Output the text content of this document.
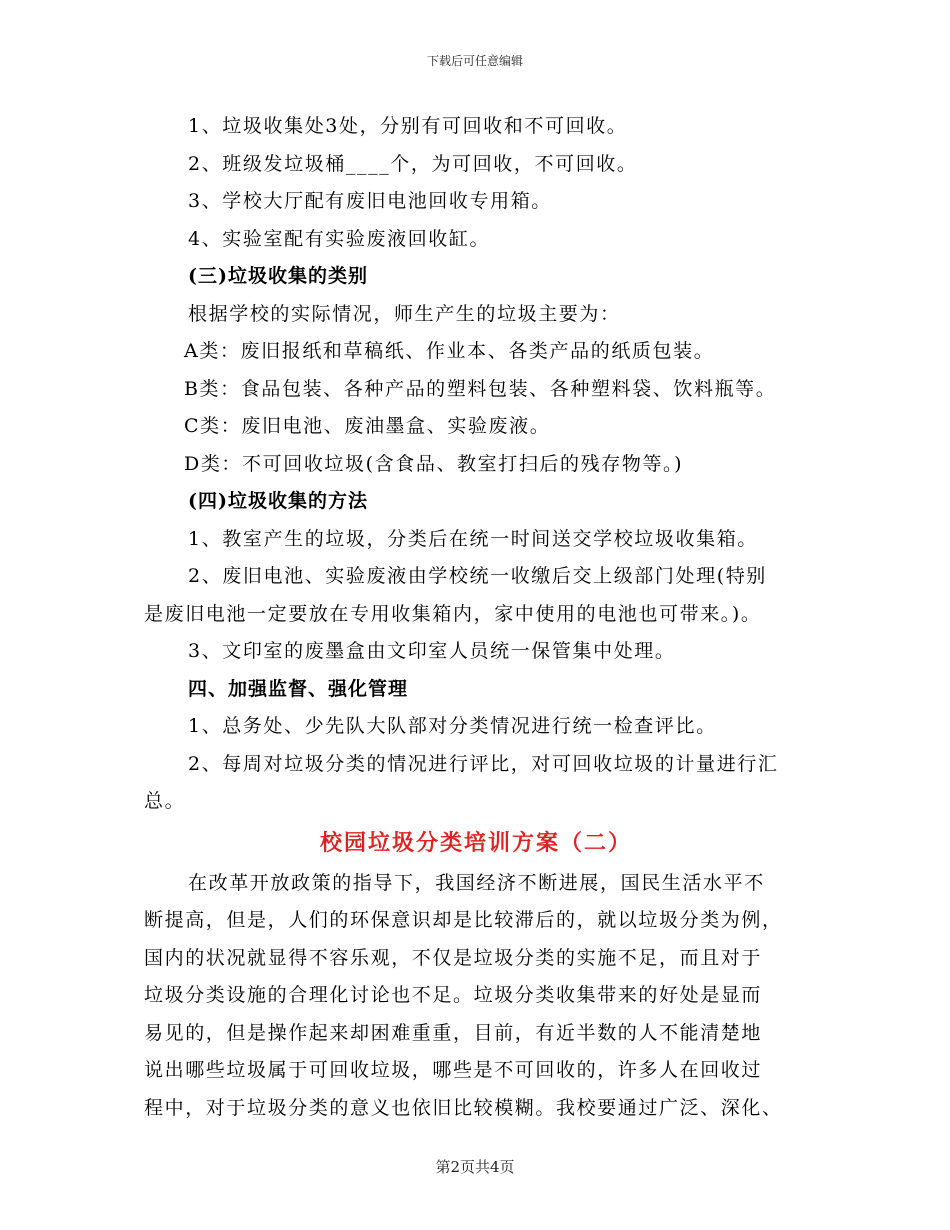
下载后可任意编辑
1、垃圾收集处3处，分别有可回收和不可回收。
2、班级发垃圾桶____个，为可回收，不可回收。
3、学校大厅配有废旧电池回收专用箱。
4、实验室配有实验废液回收缸。
(三)垃圾收集的类别
根据学校的实际情况，师生产生的垃圾主要为：
A类：废旧报纸和草稿纸、作业本、各类产品的纸质包装。
B类：食品包装、各种产品的塑料包装、各种塑料袋、饮料瓶等。
C类：废旧电池、废油墨盒、实验废液。
D类：不可回收垃圾(含食品、教室打扫后的残存物等。)
(四)垃圾收集的方法
1、教室产生的垃圾，分类后在统一时间送交学校垃圾收集箱。
2、废旧电池、实验废液由学校统一收缴后交上级部门处理(特别
是废旧电池一定要放在专用收集箱内，家中使用的电池也可带来。)。
3、文印室的废墨盒由文印室人员统一保管集中处理。
四、加强监督、强化管理
1、总务处、少先队大队部对分类情况进行统一检查评比。
2、每周对垃圾分类的情况进行评比，对可回收垃圾的计量进行汇
总。
校园垃圾分类培训方案（二）
在改革开放政策的指导下，我国经济不断进展，国民生活水平不
断提高，但是，人们的环保意识却是比较滞后的，就以垃圾分类为例，
国内的状况就显得不容乐观，不仅是垃圾分类的实施不足，而且对于
垃圾分类设施的合理化讨论也不足。垃圾分类收集带来的好处是显而
易见的，但是操作起来却困难重重，目前，有近半数的人不能清楚地
说出哪些垃圾属于可回收垃圾，哪些是不可回收的，许多人在回收过
程中，对于垃圾分类的意义也依旧比较模糊。我校要通过广泛、深化、
第2页共4页
